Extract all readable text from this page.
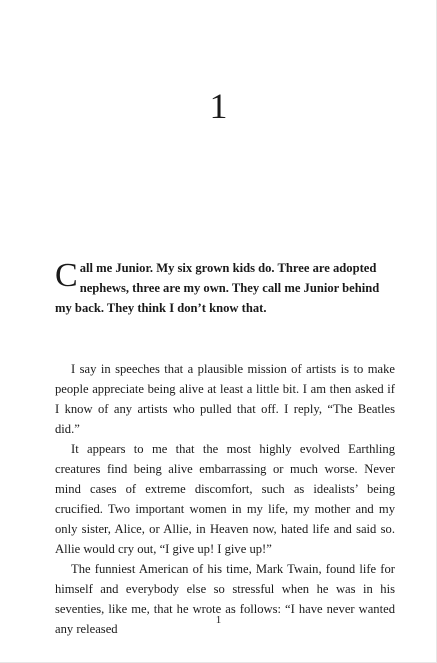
1
Call me Junior. My six grown kids do. Three are adopted nephews, three are my own. They call me Junior behind my back. They think I don’t know that.

I say in speeches that a plausible mission of artists is to make people appreciate being alive at least a little bit. I am then asked if I know of any artists who pulled that off. I reply, “The Beatles did.”

It appears to me that the most highly evolved Earthling creatures find being alive embarrassing or much worse. Never mind cases of extreme discomfort, such as idealists’ being crucified. Two important women in my life, my mother and my only sister, Alice, or Allie, in Heaven now, hated life and said so. Allie would cry out, “I give up! I give up!”

The funniest American of his time, Mark Twain, found life for himself and everybody else so stressful when he was in his seventies, like me, that he wrote as follows: “I have never wanted any released

1
